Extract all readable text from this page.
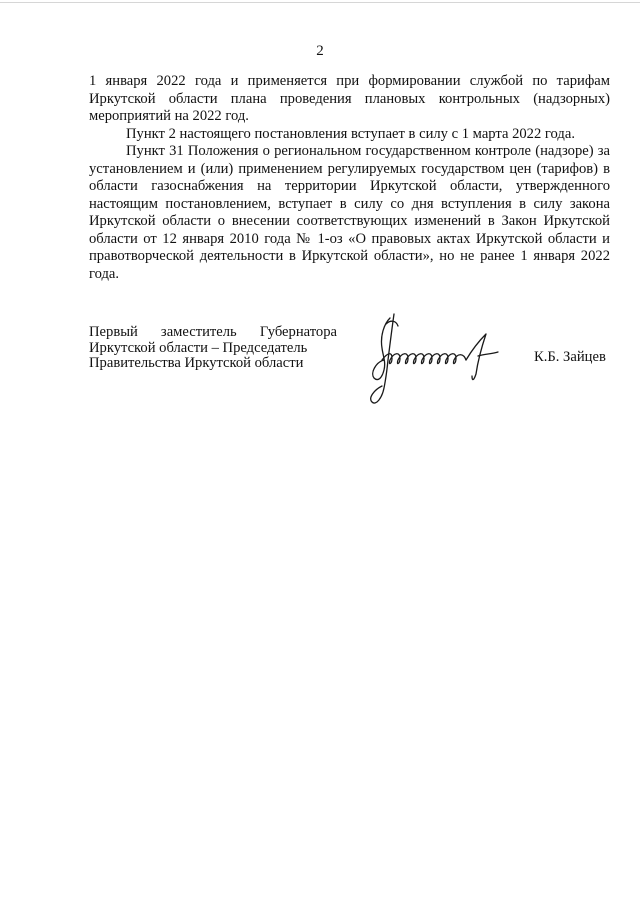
2

1 января 2022 года и применяется при формировании службой по тарифам Иркутской области плана проведения плановых контрольных (надзорных) мероприятий на 2022 год.

Пункт 2 настоящего постановления вступает в силу с 1 марта 2022 года.

Пункт 31 Положения о региональном государственном контроле (надзоре) за установлением и (или) применением регулируемых государством цен (тарифов) в области газоснабжения на территории Иркутской области, утвержденного настоящим постановлением, вступает в силу со дня вступления в силу закона Иркутской области о внесении соответствующих изменений в Закон Иркутской области от 12 января 2010 года № 1-оз «О правовых актах Иркутской области и правотворческой деятельности в Иркутской области», но не ранее 1 января 2022 года.

Первый заместитель Губернатора
Иркутской области – Председатель
Правительства Иркутской области	К.Б. Зайцев
